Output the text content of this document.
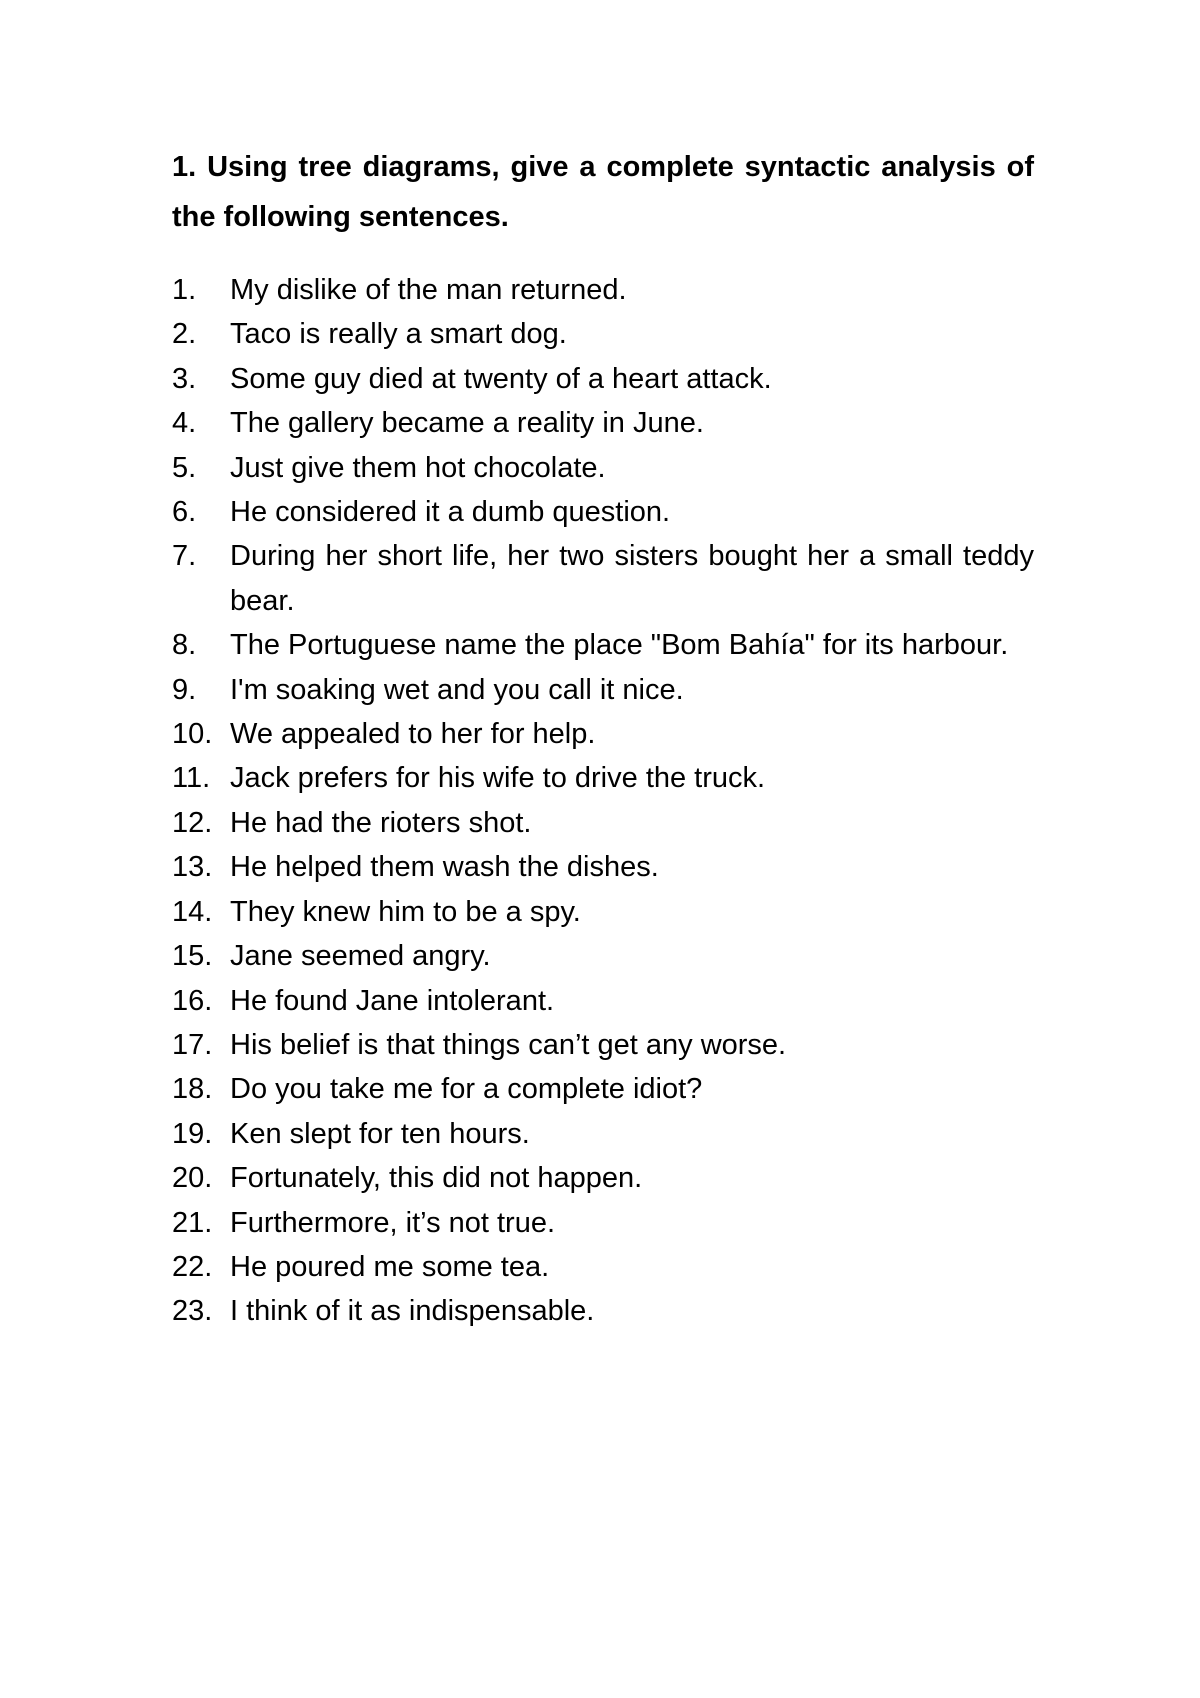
1. Using tree diagrams, give a complete syntactic analysis of the following sentences.
1.	My dislike of the man returned.
2.	Taco is really a smart dog.
3.	Some guy died at twenty of a heart attack.
4.	The gallery became a reality in June.
5.	Just give them hot chocolate.
6.	He considered it a dumb question.
7.	During her short life, her two sisters bought her a small teddy bear.
8.	The Portuguese name the place "Bom Bahía" for its harbour.
9.	I'm soaking wet and you call it nice.
10. We appealed to her for help.
11. Jack prefers for his wife to drive the truck.
12. He had the rioters shot.
13. He helped them wash the dishes.
14. They knew him to be a spy.
15. Jane seemed angry.
16. He found Jane intolerant.
17. His belief is that things can’t get any worse.
18. Do you take me for a complete idiot?
19. Ken slept for ten hours.
20. Fortunately, this did not happen.
21. Furthermore, it’s not true.
22. He poured me some tea.
23. I think of it as indispensable.
